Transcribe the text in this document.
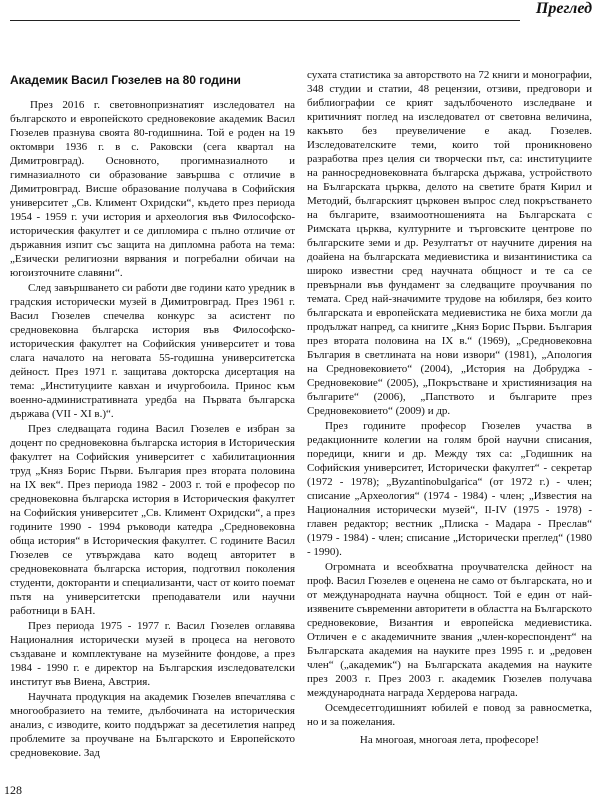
Преглед
Академик Васил Гюзелев на 80 години

През 2016 г. световнопризнатият изследовател на българското и европейското средновековие академик Васил Гюзелев празнува своята 80-годишнина. Той е роден на 19 октомври 1936 г. в с. Раковски (сега квартал на Димитровград). Основното, прогимназиалното и гимназиалното си образование завършва с отличие в Димитровград. Висше образование получава в Софийския университет „Св. Климент Охридски“, където през периода 1954 - 1959 г. учи история и археология във Философско-историческия факултет и се дипломира с пълно отличие от държавния изпит със защита на дипломна работа на тема: „Езически религиозни вярвания и погребални обичаи на югоизточните славяни“.

След завършването си работи две години като уредник в градския исторически музей в Димитровград. През 1961 г. Васил Гюзелев спечелва конкурс за асистент по средновековна българска история във Философско-историческия факултет на Софийския университет и това слага началото на неговата 55-годишна университетска дейност. През 1971 г. защитава докторска дисертация на тема: „Институциите кавхан и ичургобоила. Принос към военно-административната уредба на Първата българска държава (VII - XI в.)“.

През следващата година Васил Гюзелев е избран за доцент по средновековна българска история в Историческия факултет на Софийския университет с хабилитационния труд „Княз Борис Първи. България през втората половина на IX век“. През периода 1982 - 2003 г. той е професор по средновековна българска история в Историческия факултет на Софийския университет „Св. Климент Охридски“, а през годините 1990 - 1994 ръководи катедра „Средновековна обща история“ в Историческия факултет. С годините Васил Гюзелев се утвърждава като водещ авторитет в средновековната българска история, подготвил поколения студенти, докторанти и специализанти, част от които поемат пътя на университетски преподаватели или научни работници в БАН.

През периода 1975 - 1977 г. Васил Гюзелев оглавява Националния исторически музей в процеса на неговото създаване и комплектуване на музейните фондове, а през 1984 - 1990 г. е директор на Българския изследователски институт във Виена, Австрия.

Научната продукция на академик Гюзелев впечатлява с многообразието на темите, дълбочината на историческия анализ, с изводите, които поддържат за десетилетия напред проблемите за проучване на Българското и Европейското средновековие. Зад

сухата статистика за авторството на 72 книги и монографии, 348 студии и статии, 48 рецензии, отзиви, предговори и библиографии се крият задълбоченото изследване и критичният поглед на изследовател от световна величина, какъвто без преувеличение е акад. Гюзелев. Изследователските теми, които той проникновено разработва през целия си творчески път, са: институциите на ранносредновековната българска държава, устройството на Българската църква, делото на светите братя Кирил и Методий, българският църковен въпрос след покръстването на българите, взаимоотношенията на Българската с Римската църква, културните и търговските центрове по българските земи и др. Резултатът от научните дирения на доайена на българската медиевистика и византинистика са широко известни сред научната общност и те са се превърнали във фундамент за следващите проучвания по темата. Сред най-значимите трудове на юбиляря, без които българската и европейската медиевистика не биха могли да продължат напред, са книгите „Княз Борис Първи. България през втората половина на IX в.“ (1969), „Средновековна България в светлината на нови извори“ (1981), „Апология на Средновековието“ (2004), „История на Добруджа - Средновековие“ (2005), „Покръстване и християнизация на българите“ (2006), „Папството и българите през Средновековието“ (2009) и др.

През годините професор Гюзелев участва в редакционните колегии на голям брой научни списания, поредици, книги и др. Между тях са: „Годишник на Софийския университет, Исторически факултет“ - секретар (1972 - 1978); „Byzantinobulgarica“ (от 1972 г.) - член; списание „Археология“ (1974 - 1984) - член; „Известия на Националния исторически музей“, II-IV (1975 - 1978) - главен редактор; вестник „Плиска - Мадара - Преслав“ (1979 - 1984) - член; списание „Исторически преглед“ (1980 - 1990).

Огромната и всеобхватна проучвателска дейност на проф. Васил Гюзелев е оценена не само от българската, но и от международната научна общност. Той е един от най-изявените съвременни авторитети в областта на Българското средновековие, Византия и европейска медиевистика. Отличен е с академичните звания „член-кореспондент“ на Българската академия на науките през 1995 г. и „редовен член“ („академик“) на Българската академия на науките през 2003 г. През 2003 г. академик Гюзелев получава международната награда Хердерова награда.

Осемдесетгодишният юбилей е повод за равносметка, но и за пожелания.

На многоая, многоая лета, професоре!

128
